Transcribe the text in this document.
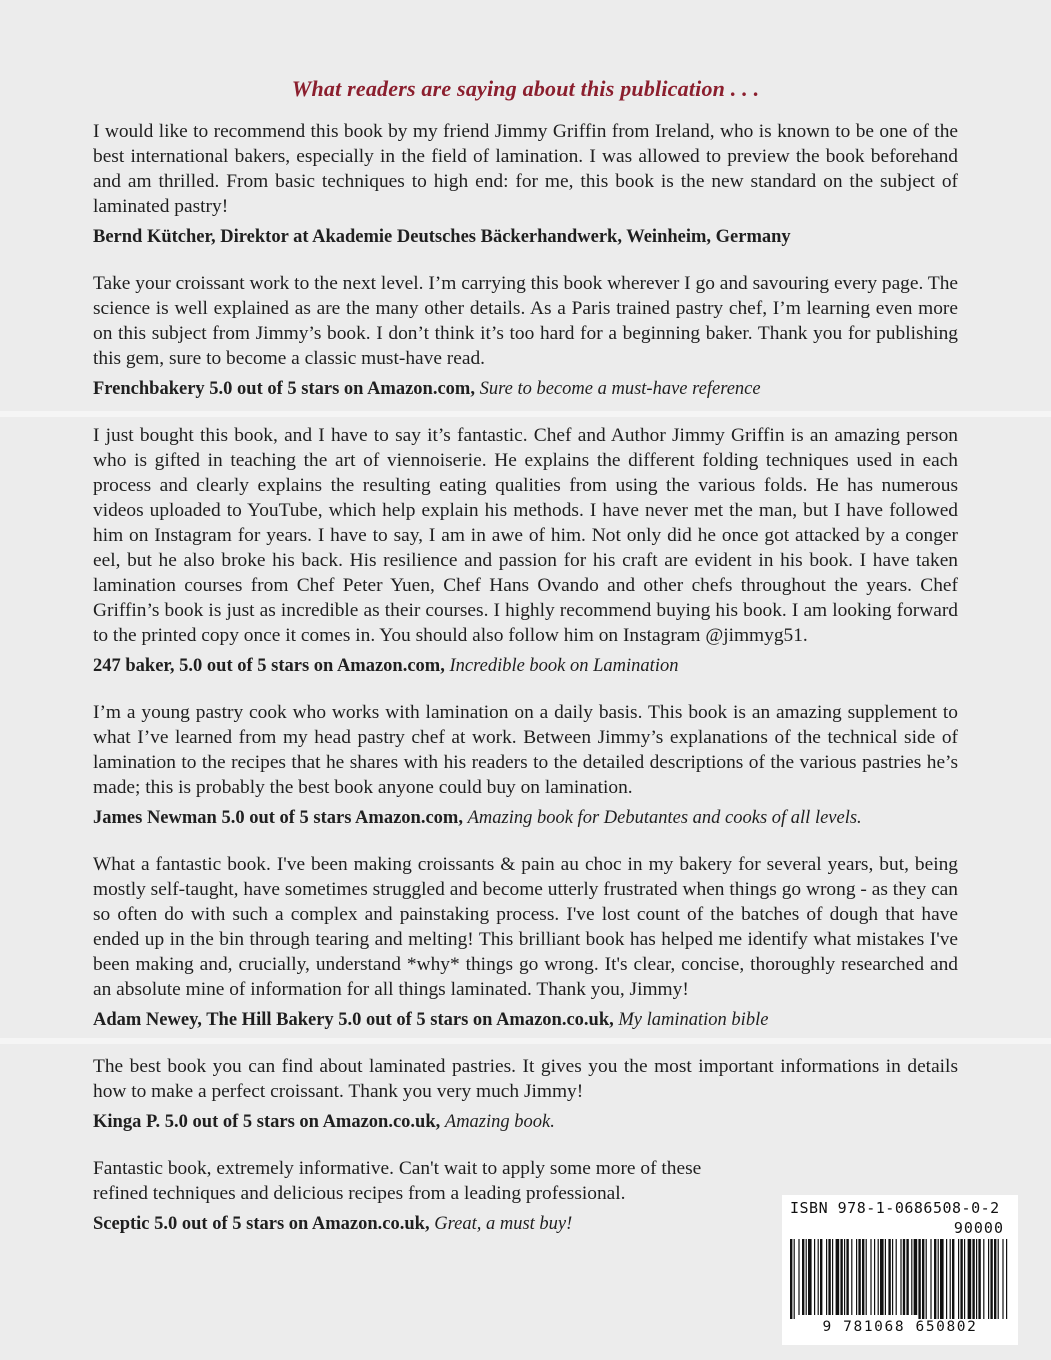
What readers are saying about this publication . . .

I would like to recommend this book by my friend Jimmy Griffin from Ireland, who is known to be one of the best international bakers, especially in the field of lamination. I was allowed to preview the book beforehand and am thrilled. From basic techniques to high end: for me, this book is the new standard on the subject of laminated pastry!

Bernd Kütcher, Direktor at Akademie Deutsches Bäckerhandwerk, Weinheim, Germany

Take your croissant work to the next level. I’m carrying this book wherever I go and savouring every page. The science is well explained as are the many other details. As a Paris trained pastry chef, I’m learning even more on this subject from Jimmy’s book. I don’t think it’s too hard for a beginning baker. Thank you for publishing this gem, sure to become a classic must-have read.

Frenchbakery 5.0 out of 5 stars on Amazon.com, Sure to become a must-have reference

I just bought this book, and I have to say it’s fantastic. Chef and Author Jimmy Griffin is an amazing person who is gifted in teaching the art of viennoiserie. He explains the different folding techniques used in each process and clearly explains the resulting eating qualities from using the various folds. He has numerous videos uploaded to YouTube, which help explain his methods. I have never met the man, but I have followed him on Instagram for years. I have to say, I am in awe of him. Not only did he once got attacked by a conger eel, but he also broke his back. His resilience and passion for his craft are evident in his book. I have taken lamination courses from Chef Peter Yuen, Chef Hans Ovando and other chefs throughout the years. Chef Griffin’s book is just as incredible as their courses. I highly recommend buying his book. I am looking forward to the printed copy once it comes in. You should also follow him on Instagram @jimmyg51.

247 baker, 5.0 out of 5 stars on Amazon.com, Incredible book on Lamination

I’m a young pastry cook who works with lamination on a daily basis. This book is an amazing supplement to what I’ve learned from my head pastry chef at work. Between Jimmy’s explanations of the technical side of lamination to the recipes that he shares with his readers to the detailed descriptions of the various pastries he’s made; this is probably the best book anyone could buy on lamination.

James Newman 5.0 out of 5 stars Amazon.com, Amazing book for Debutantes and cooks of all levels.

What a fantastic book. I've been making croissants & pain au choc in my bakery for several years, but, being mostly self-taught, have sometimes struggled and become utterly frustrated when things go wrong - as they can so often do with such a complex and painstaking process. I've lost count of the batches of dough that have ended up in the bin through tearing and melting! This brilliant book has helped me identify what mistakes I've been making and, crucially, understand *why* things go wrong. It's clear, concise, thoroughly researched and an absolute mine of information for all things laminated. Thank you, Jimmy!

Adam Newey, The Hill Bakery 5.0 out of 5 stars on Amazon.co.uk, My lamination bible

The best book you can find about laminated pastries. It gives you the most important informations in details how to make a perfect croissant. Thank you very much Jimmy!

Kinga P. 5.0 out of 5 stars on Amazon.co.uk, Amazing book.

Fantastic book, extremely informative. Can't wait to apply some more of these refined techniques and delicious recipes from a leading professional.

Sceptic 5.0 out of 5 stars on Amazon.co.uk, Great, a must buy!

ISBN 978-1-0686508-0-2
90000
9 781068 650802
